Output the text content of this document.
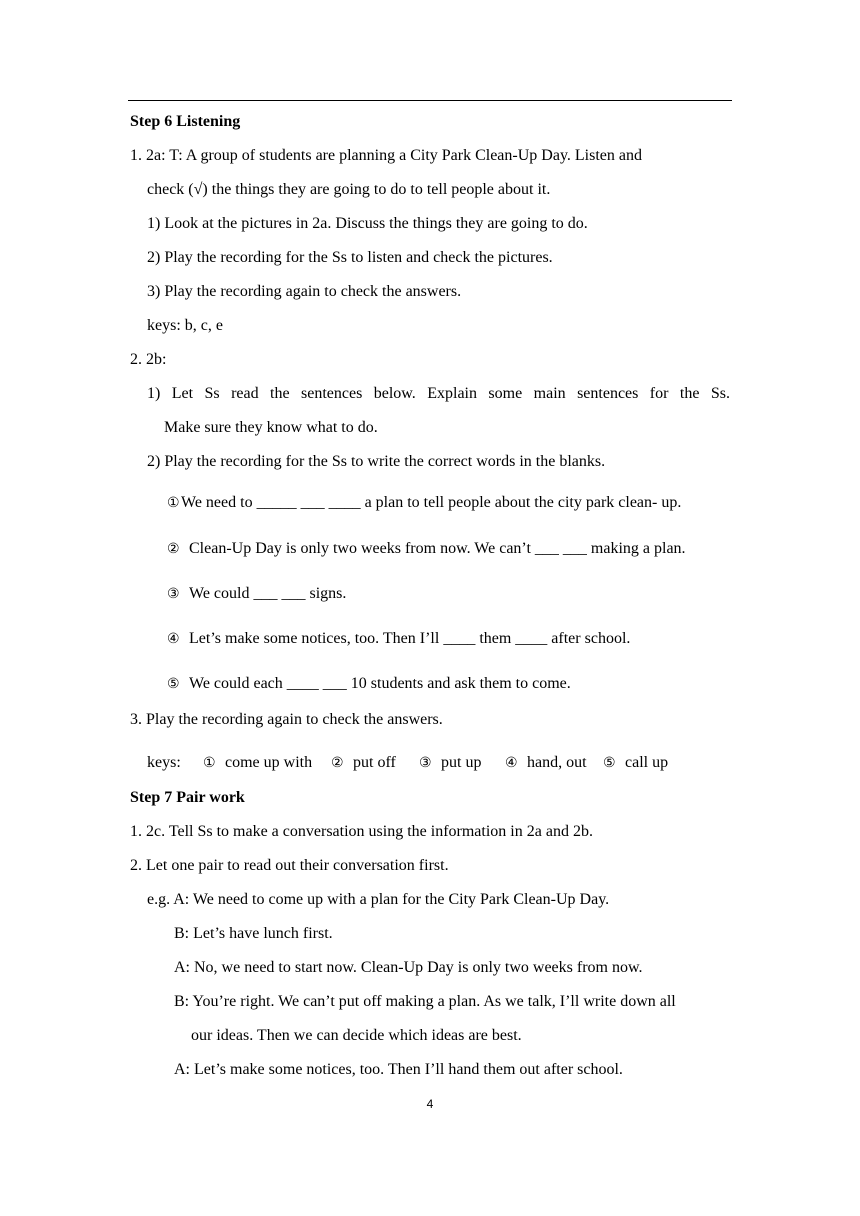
Step 6 Listening
1. 2a: T: A group of students are planning a City Park Clean-Up Day. Listen and
check (√) the things they are going to do to tell people about it.
1) Look at the pictures in 2a. Discuss the things they are going to do.
2) Play the recording for the Ss to listen and check the pictures.
3) Play the recording again to check the answers.
keys: b, c, e
2. 2b:
1) Let Ss read the sentences below. Explain some main sentences for the Ss.
Make sure they know what to do.
2) Play the recording for the Ss to write the correct words in the blanks.
①We need to _____ ___ ____ a plan to tell people about the city park clean- up.
② Clean-Up Day is only two weeks from now. We can’t ___ ___ making a plan.
③ We could ___ ___ signs.
④ Let’s make some notices, too. Then I’ll ____ them ____ after school.
⑤ We could each ____ ___ 10 students and ask them to come.
3. Play the recording again to check the answers.
keys: ① come up with ② put off ③ put up ④ hand, out ⑤ call up
Step 7 Pair work
1. 2c. Tell Ss to make a conversation using the information in 2a and 2b.
2. Let one pair to read out their conversation first.
e.g. A: We need to come up with a plan for the City Park Clean-Up Day.
B: Let’s have lunch first.
A: No, we need to start now. Clean-Up Day is only two weeks from now.
B: You’re right. We can’t put off making a plan. As we talk, I’ll write down all
our ideas. Then we can decide which ideas are best.
A: Let’s make some notices, too. Then I’ll hand them out after school.
4
